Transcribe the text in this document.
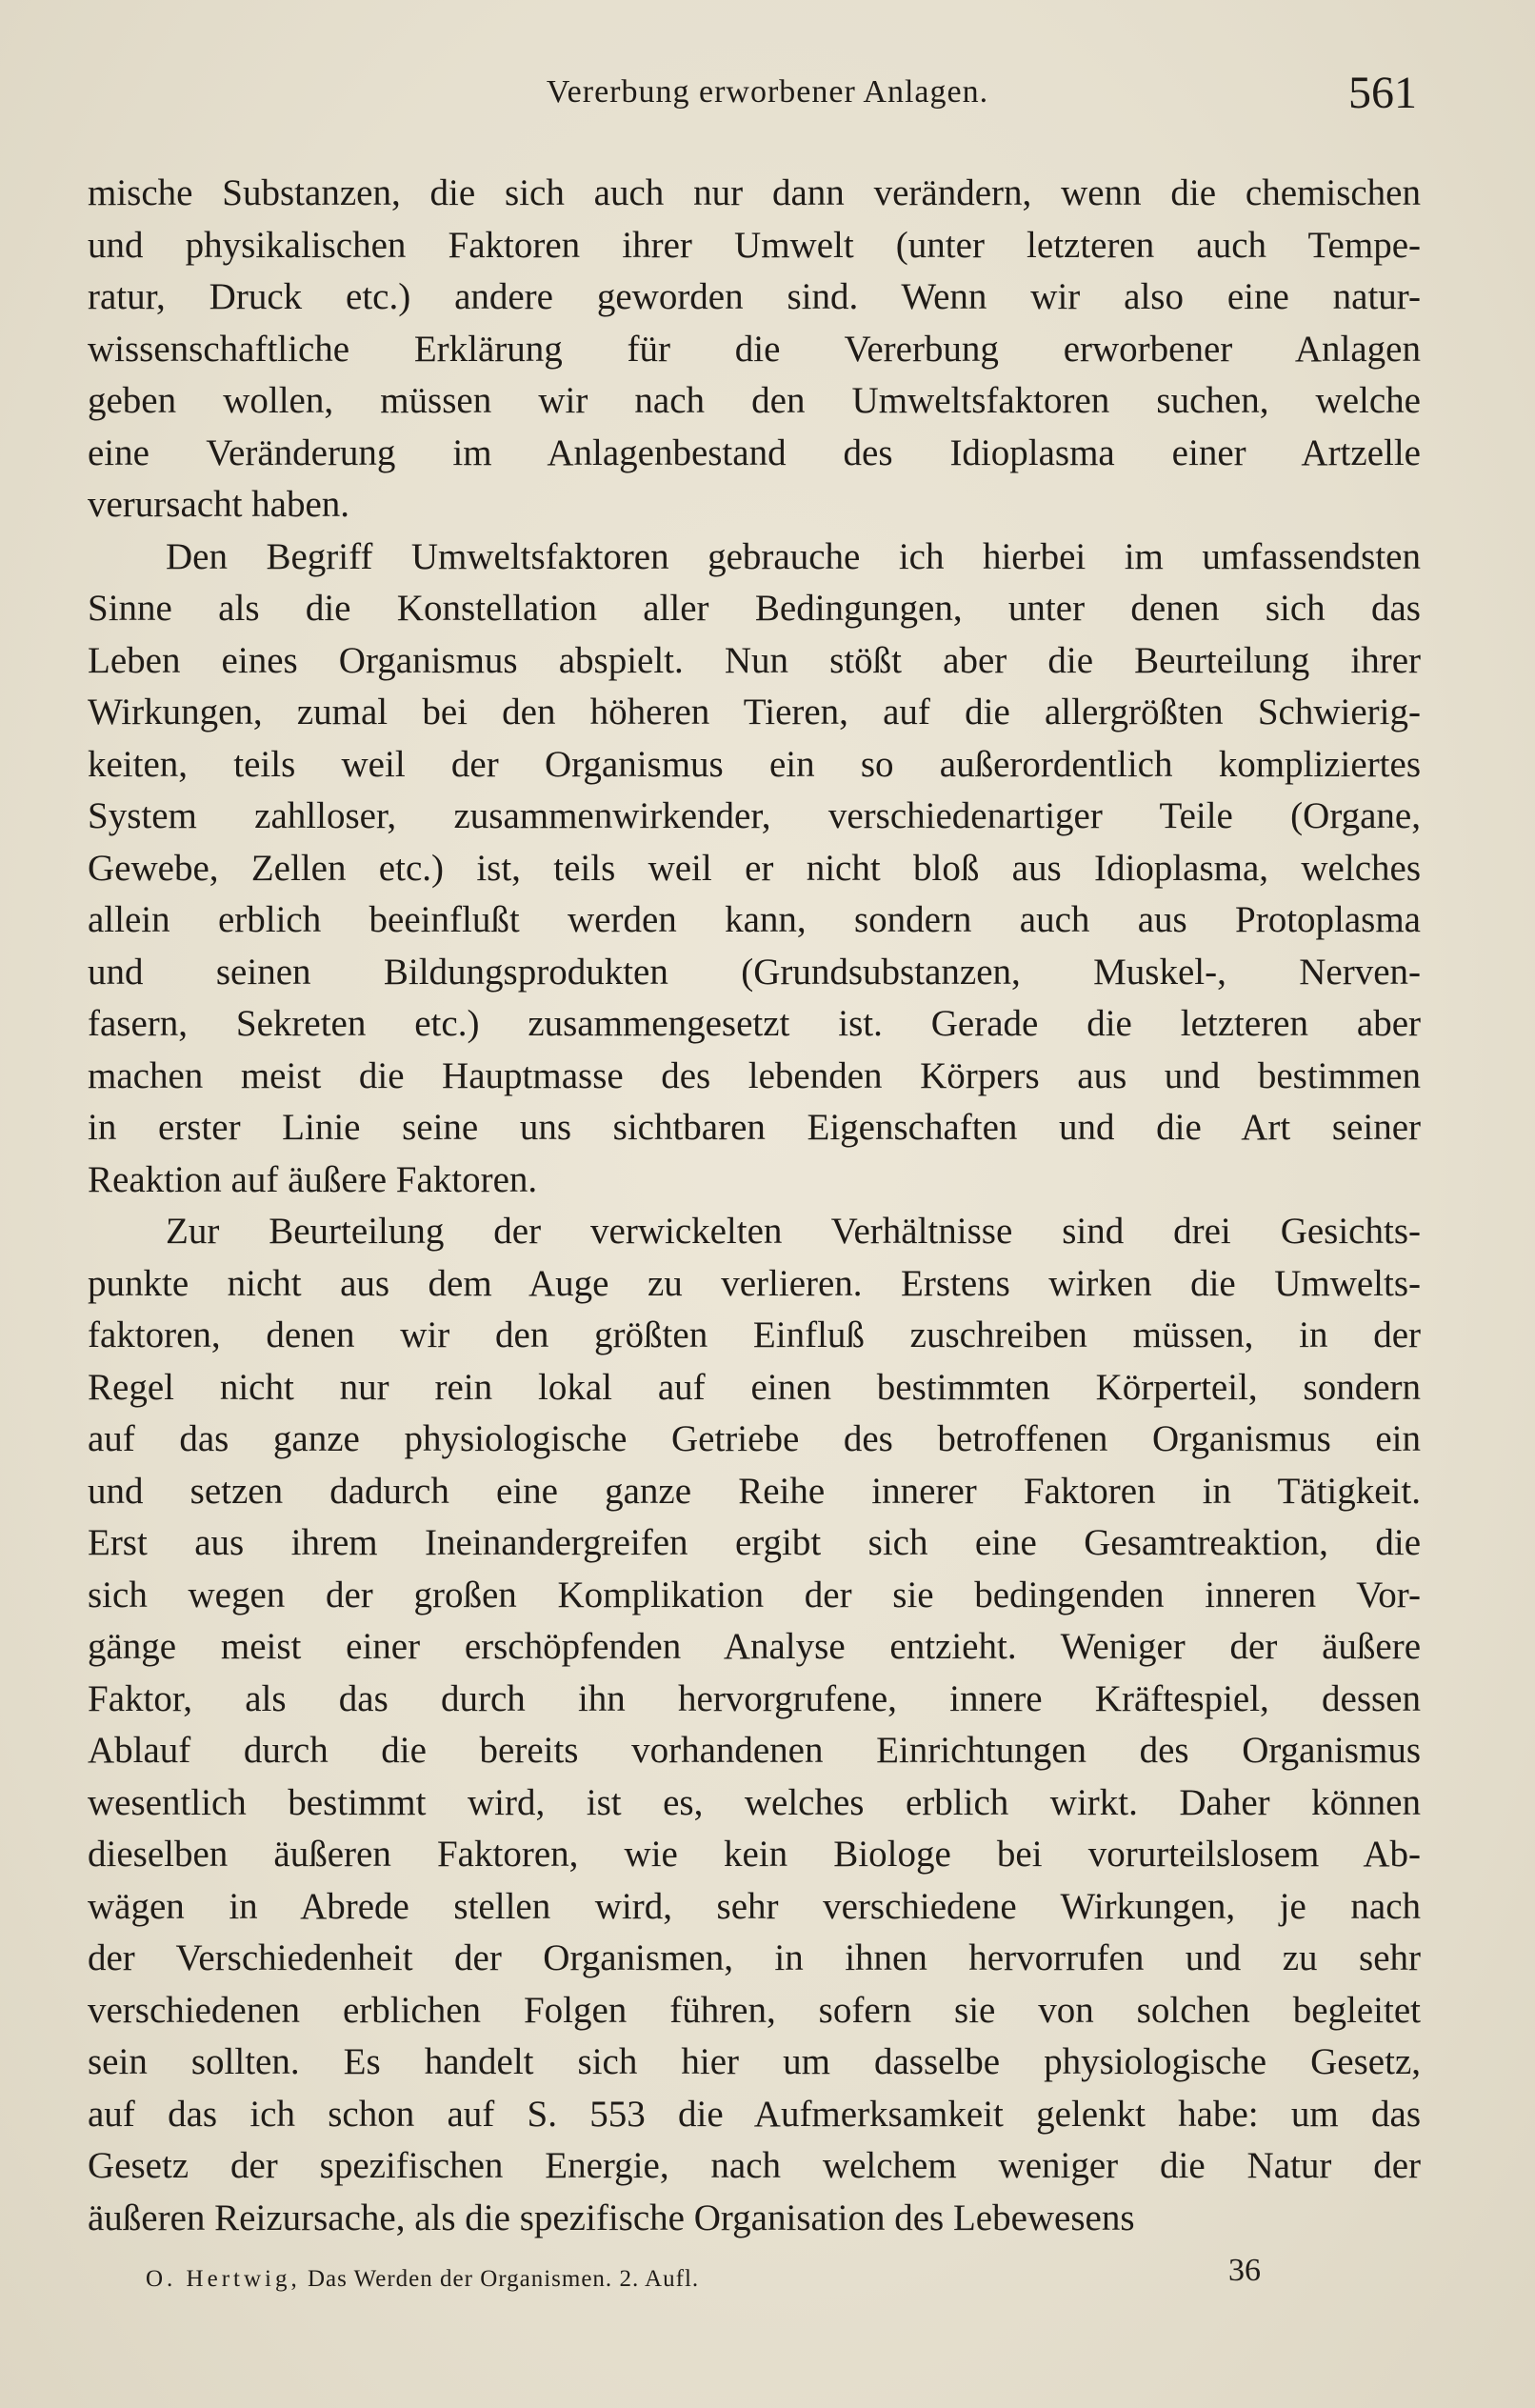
Vererbung erworbener Anlagen.	561
mische Substanzen, die sich auch nur dann verändern, wenn die chemischen
und physikalischen Faktoren ihrer Umwelt (unter letzteren auch Tempe-
ratur, Druck etc.) andere geworden sind. Wenn wir also eine natur-
wissenschaftliche Erklärung für die Vererbung erworbener Anlagen
geben wollen, müssen wir nach den Umweltsfaktoren suchen, welche
eine Veränderung im Anlagenbestand des Idioplasma einer Artzelle
verursacht haben.
Den Begriff Umweltsfaktoren gebrauche ich hierbei im umfassendsten
Sinne als die Konstellation aller Bedingungen, unter denen sich das
Leben eines Organismus abspielt. Nun stößt aber die Beurteilung ihrer
Wirkungen, zumal bei den höheren Tieren, auf die allergrößten Schwierig-
keiten, teils weil der Organismus ein so außerordentlich kompliziertes
System zahlloser, zusammenwirkender, verschiedenartiger Teile (Organe,
Gewebe, Zellen etc.) ist, teils weil er nicht bloß aus Idioplasma, welches
allein erblich beeinflußt werden kann, sondern auch aus Protoplasma
und seinen Bildungsprodukten (Grundsubstanzen, Muskel-, Nerven-
fasern, Sekreten etc.) zusammengesetzt ist. Gerade die letzteren aber
machen meist die Hauptmasse des lebenden Körpers aus und bestimmen
in erster Linie seine uns sichtbaren Eigenschaften und die Art seiner
Reaktion auf äußere Faktoren.
Zur Beurteilung der verwickelten Verhältnisse sind drei Gesichts-
punkte nicht aus dem Auge zu verlieren. Erstens wirken die Umwelts-
faktoren, denen wir den größten Einfluß zuschreiben müssen, in der
Regel nicht nur rein lokal auf einen bestimmten Körperteil, sondern
auf das ganze physiologische Getriebe des betroffenen Organismus ein
und setzen dadurch eine ganze Reihe innerer Faktoren in Tätigkeit.
Erst aus ihrem Ineinandergreifen ergibt sich eine Gesamtreaktion, die
sich wegen der großen Komplikation der sie bedingenden inneren Vor-
gänge meist einer erschöpfenden Analyse entzieht. Weniger der äußere
Faktor, als das durch ihn hervorgrufene, innere Kräftespiel, dessen
Ablauf durch die bereits vorhandenen Einrichtungen des Organismus
wesentlich bestimmt wird, ist es, welches erblich wirkt. Daher können
dieselben äußeren Faktoren, wie kein Biologe bei vorurteilslosem Ab-
wägen in Abrede stellen wird, sehr verschiedene Wirkungen, je nach
der Verschiedenheit der Organismen, in ihnen hervorrufen und zu sehr
verschiedenen erblichen Folgen führen, sofern sie von solchen begleitet
sein sollten. Es handelt sich hier um dasselbe physiologische Gesetz,
auf das ich schon auf S. 553 die Aufmerksamkeit gelenkt habe: um das
Gesetz der spezifischen Energie, nach welchem weniger die Natur der
äußeren Reizursache, als die spezifische Organisation des Lebewesens
O. Hertwig, Das Werden der Organismen. 2. Aufl.	36
